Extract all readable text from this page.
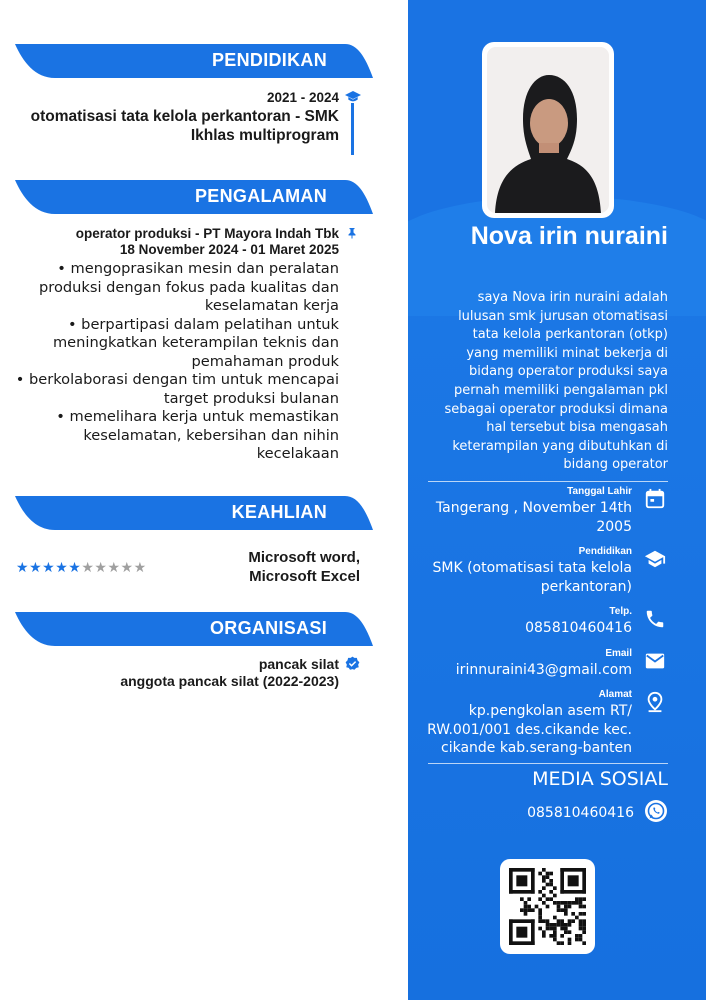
PENDIDIKAN
2021 - 2024
otomatisasi tata kelola perkantoran - SMK
Ikhlas multiprogram
PENGALAMAN
operator produksi - PT Mayora Indah Tbk
18 November 2024 - 01 Maret 2025
• mengoprasikan mesin dan peralatan
produksi dengan fokus pada kualitas dan
keselamatan kerja
• berpartipasi dalam pelatihan untuk
meningkatkan keterampilan teknis dan
pemahaman produk
• berkolaborasi dengan tim untuk mencapai
target produksi bulanan
• memelihara kerja untuk memastikan
keselamatan, kebersihan dan nihin
kecelakaan
KEAHLIAN
★★★★★★★★★★
Microsoft word,
Microsoft Excel
ORGANISASI
pancak silat
anggota pancak silat (2022-2023)
Nova irin nuraini
saya Nova irin nuraini adalah
lulusan smk jurusan otomatisasi
tata kelola perkantoran (otkp)
yang memiliki minat bekerja di
bidang operator produksi saya
pernah memiliki pengalaman pkl
sebagai operator produksi dimana
hal tersebut bisa mengasah
keterampilan yang dibutuhkan di
bidang operator
Tanggal Lahir
Tangerang , November 14th
2005
Pendidikan
SMK (otomatisasi tata kelola
perkantoran)
Telp.
085810460416
Email
irinnuraini43@gmail.com
Alamat
kp.pengkolan asem RT/
RW.001/001 des.cikande kec.
cikande kab.serang-banten
MEDIA SOSIAL
085810460416
